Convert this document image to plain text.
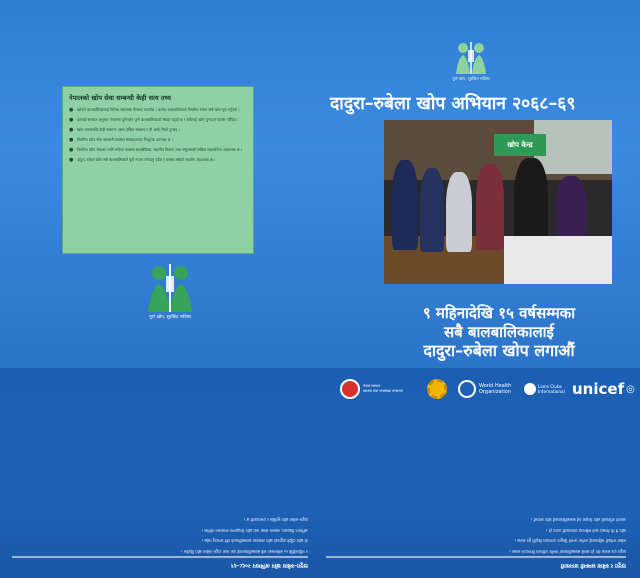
पूर्ण खोप, सुरक्षित भविष्य
नेपालको खोप सेवा सम्बन्धी केही सत्य तथ्य
● खोपले बालबालिकालाई विभिन्न संक्रामक रोगबाट बचाउँछ । प्रत्येक बालबालिकाले नियमित रुपमा सबै खोप पूरा गर्नुपर्छ ।
● हालको सरकार अनुसार नेपालमा दुर्गमक्षेत्र पुग्ने बालबालिकाको संख्या घट्दो छ र सबैलाई खोप पुर्‍याउन प्रयास गरिँदैछ ।
● खोप लगाएपछि केही सामान्य असर देखिन सक्छन् र ती आफै निको हुन्छन् ।
● नियमित खोप सेवा सरकारी स्वास्थ्य संस्थाहरुबाट निःशुल्क उपलब्ध छ ।
● नियमित खोप सेवाका लागि महिला स्वास्थ्य स्वयंसेविका, स्थानीय निकाय तथा समुदायको सक्रिय सहभागिता आवश्यक छ ।
● दादुरा–रुबेला खोप सबै बालबालिकाले पूर्ण रुपमा लगाउनु पर्दछ र यसमा सबैको सहयोग आवश्यक छ ।
पूर्ण खोप, सुरक्षित भविष्य
दादुरा–रुबेला खोप अभियान २०६८–६९
खोप केन्द्र
९ महिनादेखि १५ वर्षसम्मका
सबै बालबालिकालाई
दादुरा–रुबेला खोप लगाऔं
नेपाल सरकार
स्वास्थ्य तथा जनसंख्या मन्त्रालय
World Health
Organization
Lions Clubs
International unicef ◎
दादुरा–रुबेला खोप अभियान २०६८–६९
९ महिनादेखि १५ वर्षसम्मका सबै बालबालिकालाई एक मात्रा दादुरा–रुबेला खोप दिइनेछ ।
यो खोप पहिले दादुराको खोप लगाएका बालबालिकाले पनि लगाउनु पर्दछ ।
अभियान विद्यालय, स्वास्थ्य संस्था तथा खोप केन्द्रहरुमा सञ्चालन गरिनेछ ।
दादुरा–रुबेला खोप सुरक्षित र प्रभावकारी छ ।
दादुरा र रुबेला सम्बन्धी जानकारी
दादुरा एक सरुवा रोग हो जसले बालबालिकामा गम्भीर जटिलता निम्त्याउन सक्छ ।
रुबेला गर्भवती महिलालाई लागेमा जन्मने शिशुमा जन्मजात विकृति हुन सक्छ ।
खोप नै यी रोगबाट बच्ने सबैभन्दा प्रभावकारी उपाय हो ।
आफ्नो नजिकको खोप केन्द्रमा गई बालबालिकालाई खोप लगाऔं ।
